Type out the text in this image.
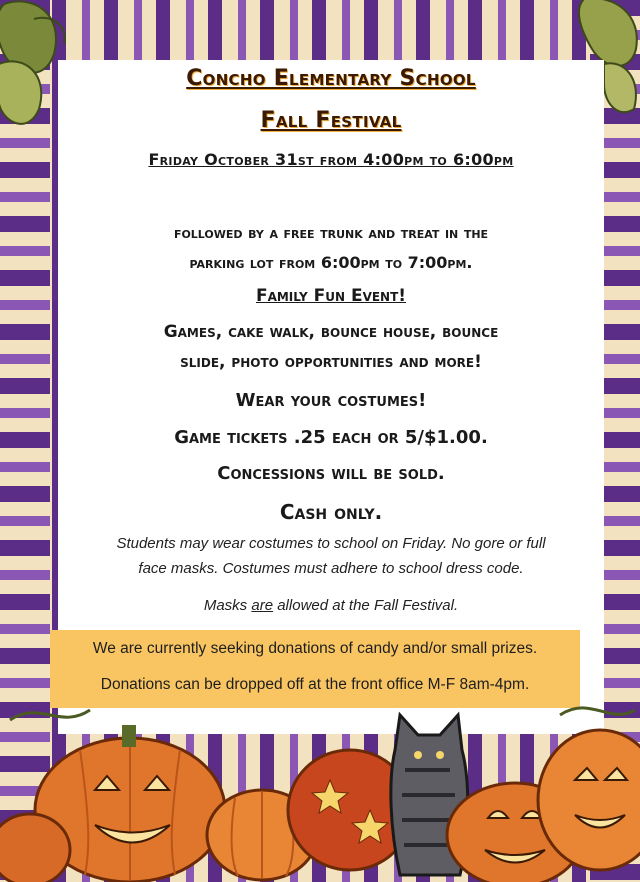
Concho Elementary School
Fall Festival
Friday October 31st from 4:00pm to 6:00pm
followed by a free trunk and treat in the
parking lot from 6:00pm to 7:00pm.
Family Fun Event!
Games, cake walk, bounce house, bounce
slide, photo opportunities and more!
Wear your costumes!
Game tickets .25 each or 5/$1.00.
Concessions will be sold.
Cash only.
Students may wear costumes to school on Friday. No gore or full
face masks. Costumes must adhere to school dress code.
Masks are allowed at the Fall Festival.

We are currently seeking donations of candy and/or small prizes.

Donations can be dropped off at the front office M-F 8am-4pm.
